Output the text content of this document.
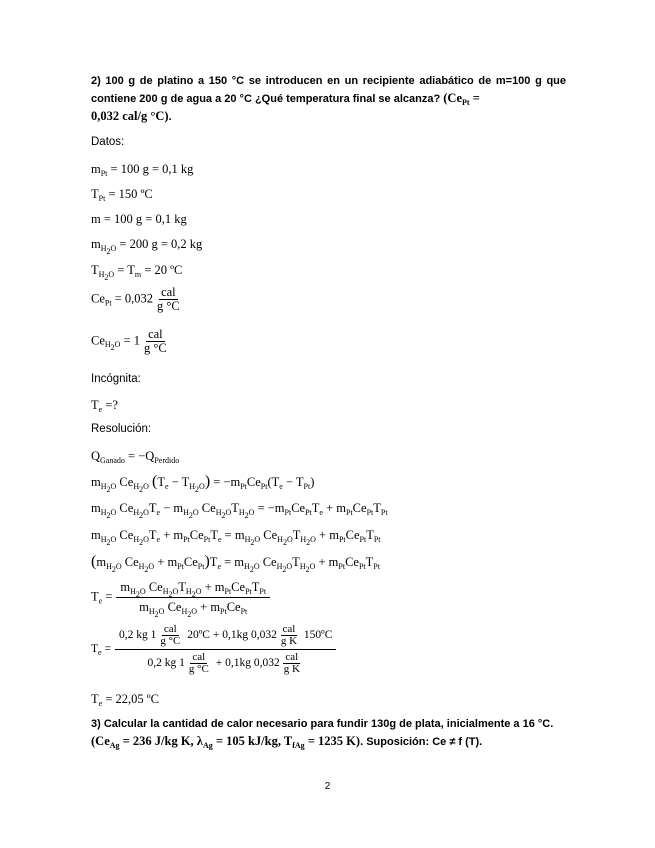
2) 100 g de platino a 150 °C se introducen en un recipiente adiabático de m=100 g que contiene 200 g de agua a 20 °C ¿Qué temperatura final se alcanza? ($Ce_{Pt}$ =
0,032 cal/g °C).
Datos:
$m_{Pt} = 100$ g = 0,1 kg
$T_{Pt} = 150$ ºC
m = 100 g = 0,1 kg
$m_{H_2O} = 200$ g = 0,2 kg
$T_{H_2O} = T_m = 20$ ºC
$Ce_{Pt} = 0,032 \frac{\text{cal}}{g ^\circ C}$
$Ce_{H_2O} = 1 \frac{\text{cal}}{g ^\circ C}$
Incógnita:
$T_e$ =?
Resolución:
$Q_{Ganado} = -Q_{Perdido}$
$m_{H_2O}$ $Ce_{H_2O}$ $(T_e - T_{H_2O}) = -m_{Pt}Ce_{Pt}(T_e - T_{Pt})$
$m_{H_2O}$ $Ce_{H_2O}T_e - m_{H_2O}$ $Ce_{H_2O}T_{H_2O} = -m_{Pt}Ce_{Pt}T_e + m_{Pt}Ce_{Pt}T_{Pt}$
$m_{H_2O}$ $Ce_{H_2O}T_e + m_{Pt}Ce_{Pt}T_e = m_{H_2O}$ $Ce_{H_2O}T_{H_2O} + m_{Pt}Ce_{Pt}T_{Pt}$
($m_{H_2O}$ $Ce_{H_2O} + m_{Pt}Ce_{Pt})T_e = m_{H_2O}$ $Ce_{H_2O}T_{H_2O} + m_{Pt}Ce_{Pt}T_{Pt}$
$T_e = \frac{m_{H_2O} Ce_{H_2O}T_{H_2O} + m_{Pt}Ce_{Pt}T_{Pt}}{m_{H_2O} Ce_{H_2O} + m_{Pt}Ce_{Pt}}$
$T_e = \frac{0,2 kg 1 \frac{\text{cal}}{g ^\circ C} 20ºC + 0,1kg 0,032 \frac{\text{cal}}{\text{g K}} 150ºC}{0,2 kg 1 \frac{\text{cal}}{g ^\circ C} + 0,1kg 0,032 \frac{\text{cal}}{\text{g K}}}$
$T_e = 22,05$ ºC
3) Calcular la cantidad de calor necesario para fundir 130g de plata, inicialmente a 16 °C.
($Ce_{Ag} = 236$ J/kg K, $\lambda_{Ag} = 105$ kJ/kg, $T_{fAg} = 1235$ K). Suposición: Ce ≠ f (T).
2
